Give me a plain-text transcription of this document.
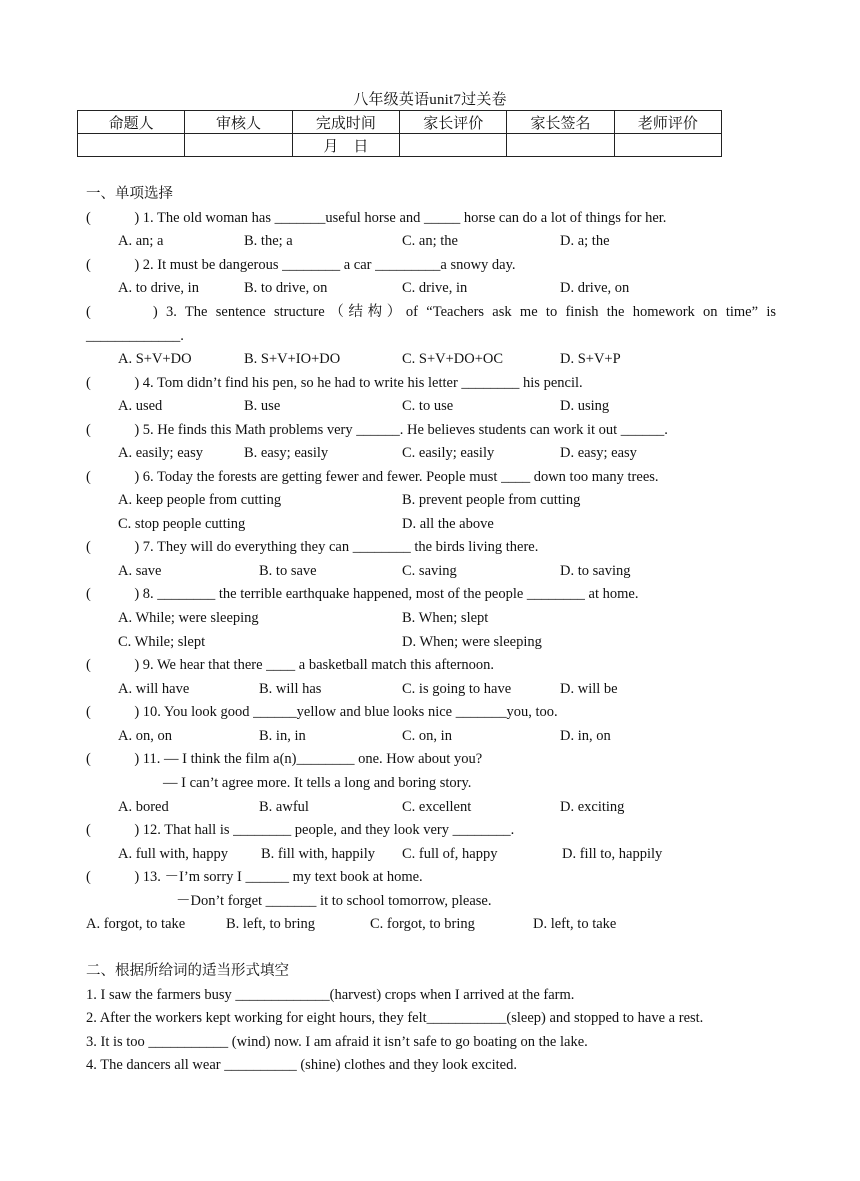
八年级英语unit7过关卷
命题人	审核人	完成时间	家长评价	家长签名	老师评价
		月　日			
一、单项选择
(　　　) 1. The old woman has _______useful horse and _____ horse can do a lot of things for her.
A. an; a	B. the; a	C. an; the	D. a; the
(　　　) 2. It must be dangerous ________ a car _________a snowy day.
A. to drive, in	B. to drive, on	C. drive, in	D. drive, on
(　　　) 3. The sentence structure（结构）of “Teachers ask me to finish the homework on time” is
_____________.
A. S+V+DO	B. S+V+IO+DO	C. S+V+DO+OC	D. S+V+P
(　　　) 4. Tom didn’t find his pen, so he had to write his letter ________ his pencil.
A. used	B. use	C. to use	D. using
(　　　) 5. He finds this Math problems very ______. He believes students can work it out ______.
A. easily; easy	B. easy; easily	C. easily; easily	D. easy; easy
(　　　) 6. Today the forests are getting fewer and fewer. People must ____ down too many trees.
A. keep people from cutting	B. prevent people from cutting
C. stop people cutting	D. all the above
(　　　) 7. They will do everything they can ________ the birds living there.
A. save	B. to save	C. saving	D. to saving
(　　　) 8. ________ the terrible earthquake happened, most of the people ________ at home.
A. While; were sleeping	B. When; slept
C. While; slept	D. When; were sleeping
(　　　) 9. We hear that there ____ a basketball match this afternoon.
A. will have	B. will has	C. is going to have	D. will be
(　　　) 10. You look good ______yellow and blue looks nice _______you, too.
A. on, on	B. in, in	C. on, in	D. in, on
(　　　) 11. — I think the film a(n)________ one. How about you?
— I can’t agree more. It tells a long and boring story.
A. bored	B. awful	C. excellent	D. exciting
(　　　) 12. That hall is ________ people, and they look very ________.
A. full with, happy B. fill with, happily C. full of, happy	D. fill to, happily
(　　　) 13. －I’m sorry I ______ my text book at home.
－Don’t forget _______ it to school tomorrow, please.
A. forgot, to take	B. left, to bring	C. forgot, to bring	D. left, to take
二、根据所给词的适当形式填空
1. I saw the farmers busy _____________(harvest) crops when I arrived at the farm.
2. After the workers kept working for eight hours, they felt___________(sleep) and stopped to have a rest.
3. It is too ___________ (wind) now. I am afraid it isn’t safe to go boating on the lake.
4. The dancers all wear __________ (shine) clothes and they look excited.
